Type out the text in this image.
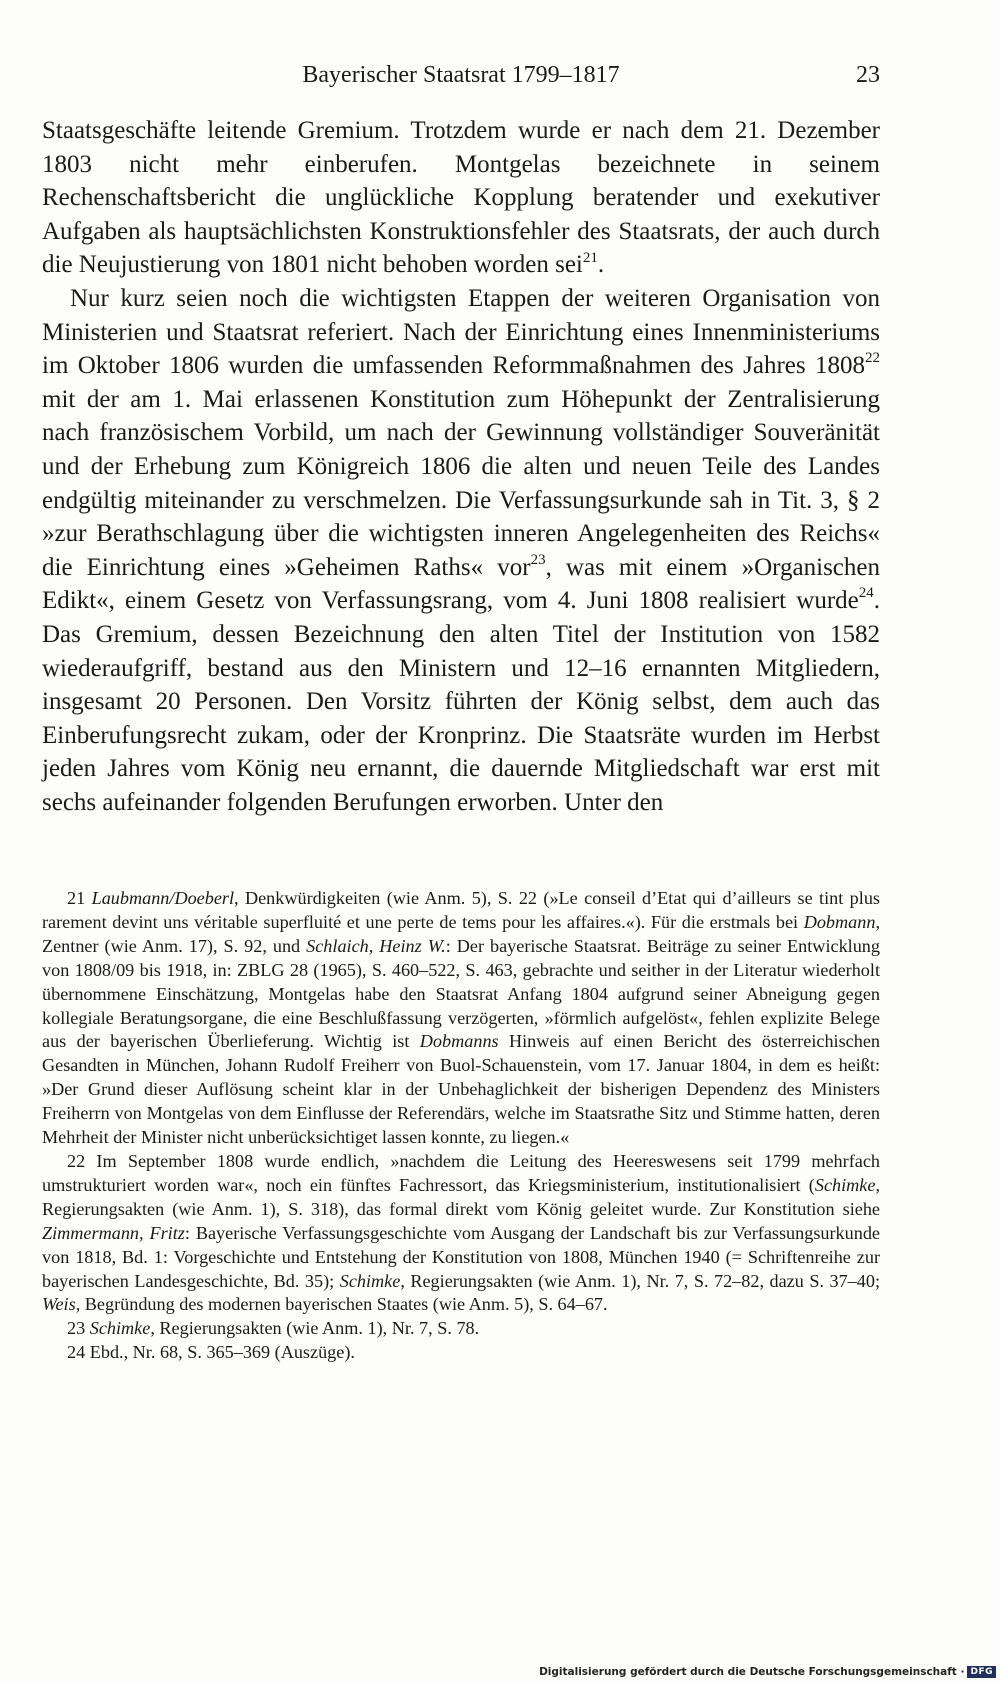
Bayerischer Staatsrat 1799–1817	23

Staatsgeschäfte leitende Gremium. Trotzdem wurde er nach dem 21. Dezember 1803 nicht mehr einberufen. Montgelas bezeichnete in seinem Rechenschaftsbericht die unglückliche Kopplung beratender und exekutiver Aufgaben als hauptsächlichsten Konstruktionsfehler des Staatsrats, der auch durch die Neujustierung von 1801 nicht behoben worden sei$^{21}$.

Nur kurz seien noch die wichtigsten Etappen der weiteren Organisation von Ministerien und Staatsrat referiert. Nach der Einrichtung eines Innenministeriums im Oktober 1806 wurden die umfassenden Reformmaßnahmen des Jahres 1808$^{22}$ mit der am 1. Mai erlassenen Konstitution zum Höhepunkt der Zentralisierung nach französischem Vorbild, um nach der Gewinnung vollständiger Souveränität und der Erhebung zum Königreich 1806 die alten und neuen Teile des Landes endgültig miteinander zu verschmelzen. Die Verfassungsurkunde sah in Tit. 3, § 2 »zur Berathschlagung über die wichtigsten inneren Angelegenheiten des Reichs« die Einrichtung eines »Geheimen Raths« vor$^{23}$, was mit einem »Organischen Edikt«, einem Gesetz von Verfassungsrang, vom 4. Juni 1808 realisiert wurde$^{24}$. Das Gremium, dessen Bezeichnung den alten Titel der Institution von 1582 wiederaufgriff, bestand aus den Ministern und 12–16 ernannten Mitgliedern, insgesamt 20 Personen. Den Vorsitz führten der König selbst, dem auch das Einberufungsrecht zukam, oder der Kronprinz. Die Staatsräte wurden im Herbst jeden Jahres vom König neu ernannt, die dauernde Mitgliedschaft war erst mit sechs aufeinander folgenden Berufungen erworben. Unter den

21 Laubmann/Doeberl, Denkwürdigkeiten (wie Anm. 5), S. 22 (»Le conseil d’Etat qui d’ailleurs se tint plus rarement devint uns véritable superfluité et une perte de tems pour les affaires.«). Für die erstmals bei Dobmann, Zentner (wie Anm. 17), S. 92, und Schlaich, Heinz W.: Der bayerische Staatsrat. Beiträge zu seiner Entwicklung von 1808/09 bis 1918, in: ZBLG 28 (1965), S. 460–522, S. 463, gebrachte und seither in der Literatur wiederholt übernommene Einschätzung, Montgelas habe den Staatsrat Anfang 1804 aufgrund seiner Abneigung gegen kollegiale Beratungsorgane, die eine Beschlußfassung verzögerten, »förmlich aufgelöst«, fehlen explizite Belege aus der bayerischen Überlieferung. Wichtig ist Dobmanns Hinweis auf einen Bericht des österreichischen Gesandten in München, Johann Rudolf Freiherr von Buol-Schauenstein, vom 17. Januar 1804, in dem es heißt: »Der Grund dieser Auflösung scheint klar in der Unbehaglichkeit der bisherigen Dependenz des Ministers Freiherrn von Montgelas von dem Einflusse der Referendärs, welche im Staatsrathe Sitz und Stimme hatten, deren Mehrheit der Minister nicht unberücksichtiget lassen konnte, zu liegen.«

22 Im September 1808 wurde endlich, »nachdem die Leitung des Heereswesens seit 1799 mehrfach umstrukturiert worden war«, noch ein fünftes Fachressort, das Kriegsministerium, institutionalisiert (Schimke, Regierungsakten (wie Anm. 1), S. 318), das formal direkt vom König geleitet wurde. Zur Konstitution siehe Zimmermann, Fritz: Bayerische Verfassungsgeschichte vom Ausgang der Landschaft bis zur Verfassungsurkunde von 1818, Bd. 1: Vorgeschichte und Entstehung der Konstitution von 1808, München 1940 (= Schriftenreihe zur bayerischen Landesgeschichte, Bd. 35); Schimke, Regierungsakten (wie Anm. 1), Nr. 7, S. 72–82, dazu S. 37–40; Weis, Begründung des modernen bayerischen Staates (wie Anm. 5), S. 64–67.

23 Schimke, Regierungsakten (wie Anm. 1), Nr. 7, S. 78.

24 Ebd., Nr. 68, S. 365–369 (Auszüge).

Digitalisierung gefördert durch die Deutsche Forschungsgemeinschaft · DFG
